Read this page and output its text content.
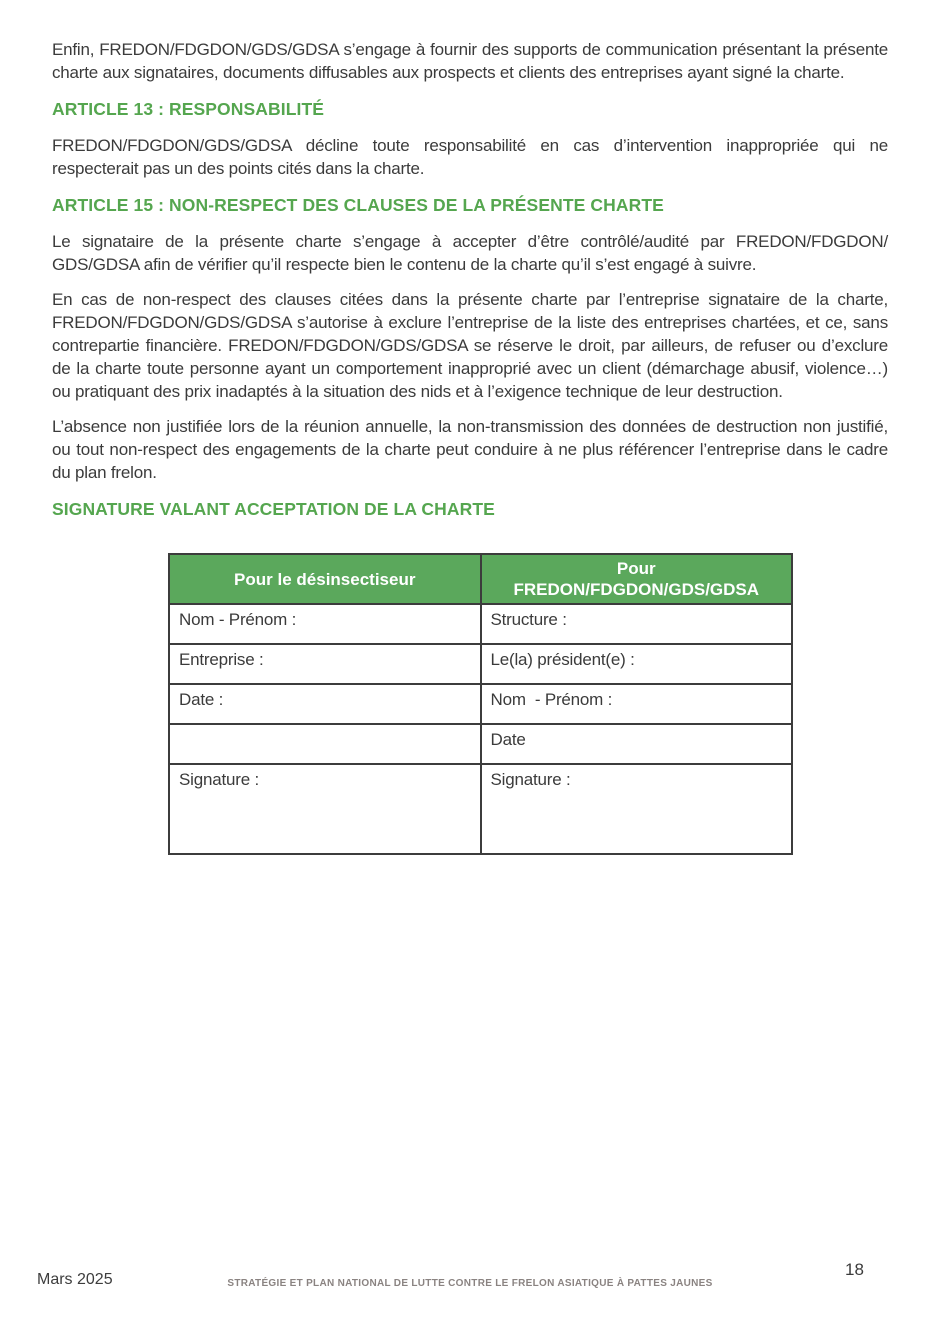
Enfin, FREDON/FDGDON/GDS/GDSA s’engage à fournir des supports de communication présentant la présente charte aux signataires, documents diffusables aux prospects et clients des entreprises ayant signé la charte.

ARTICLE 13 : RESPONSABILITÉ

FREDON/FDGDON/GDS/GDSA décline toute responsabilité en cas d’intervention inappropriée qui ne respecterait pas un des points cités dans la charte.

ARTICLE 15 : NON-RESPECT DES CLAUSES DE LA PRÉSENTE CHARTE

Le signataire de la présente charte s’engage à accepter d’être contrôlé/audité par FREDON/FDGDON/ GDS/GDSA afin de vérifier qu’il respecte bien le contenu de la charte qu’il s’est engagé à suivre.

En cas de non-respect des clauses citées dans la présente charte par l’entreprise signataire de la charte, FREDON/FDGDON/GDS/GDSA s’autorise à exclure l’entreprise de la liste des entreprises chartées, et ce, sans contrepartie financière. FREDON/FDGDON/GDS/GDSA se réserve le droit, par ailleurs, de refuser ou d’exclure de la charte toute personne ayant un comportement inapproprié avec un client (démarchage abusif, violence…) ou pratiquant des prix inadaptés à la situation des nids et à l’exigence technique de leur destruction.

L’absence non justifiée lors de la réunion annuelle, la non-transmission des données de destruction non justifié, ou tout non-respect des engagements de la charte peut conduire à ne plus référencer l’entreprise dans le cadre du plan frelon.

SIGNATURE VALANT ACCEPTATION DE LA CHARTE
Pour le désinsectiseur	Pour FREDON/FDGDON/GDS/GDSA
Nom - Prénom :	Structure :
Entreprise :	Le(la) président(e) :
Date :	Nom  - Prénom :
	Date
Signature :	Signature :
Mars 2025	STRATÉGIE ET PLAN NATIONAL DE LUTTE CONTRE LE FRELON ASIATIQUE À PATTES JAUNES
18
